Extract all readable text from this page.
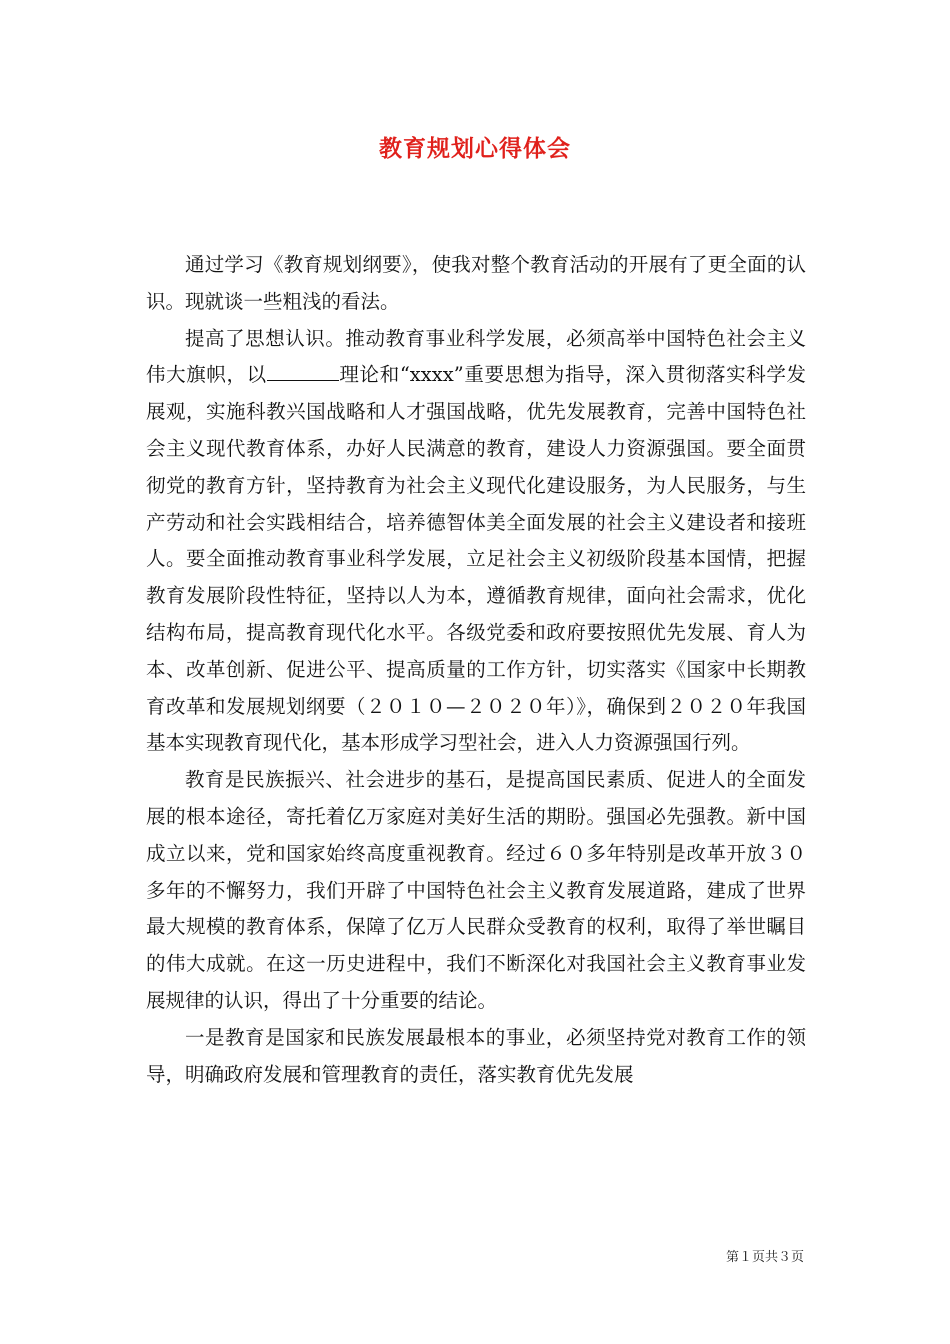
教育规划心得体会

通过学习《教育规划纲要》，使我对整个教育活动的开展有了更全面的认识。现就谈一些粗浅的看法。

提高了思想认识。推动教育事业科学发展，必须高举中国特色社会主义伟大旗帜，以	理论和“xxxx”重要思想为指导，深入贯彻落实科学发展观，实施科教兴国战略和人才强国战略，优先发展教育，完善中国特色社会主义现代教育体系，办好人民满意的教育，建设人力资源强国。要全面贯彻党的教育方针，坚持教育为社会主义现代化建设服务，为人民服务，与生产劳动和社会实践相结合，培养德智体美全面发展的社会主义建设者和接班人。要全面推动教育事业科学发展，立足社会主义初级阶段基本国情，把握教育发展阶段性特征，坚持以人为本，遵循教育规律，面向社会需求，优化结构布局，提高教育现代化水平。各级党委和政府要按照优先发展、育人为本、改革创新、促进公平、提高质量的工作方针，切实落实《国家中长期教育改革和发展规划纲要（２０１０—２０２０年）》，确保到２０２０年我国基本实现教育现代化，基本形成学习型社会，进入人力资源强国行列。

教育是民族振兴、社会进步的基石，是提高国民素质、促进人的全面发展的根本途径，寄托着亿万家庭对美好生活的期盼。强国必先强教。新中国成立以来，党和国家始终高度重视教育。经过６０多年特别是改革开放３０多年的不懈努力，我们开辟了中国特色社会主义教育发展道路，建成了世界最大规模的教育体系，保障了亿万人民群众受教育的权利，取得了举世瞩目的伟大成就。在这一历史进程中，我们不断深化对我国社会主义教育事业发展规律的认识，得出了十分重要的结论。

一是教育是国家和民族发展最根本的事业，必须坚持党对教育工作的领导，明确政府发展和管理教育的责任，落实教育优先发展

第１页共３页
